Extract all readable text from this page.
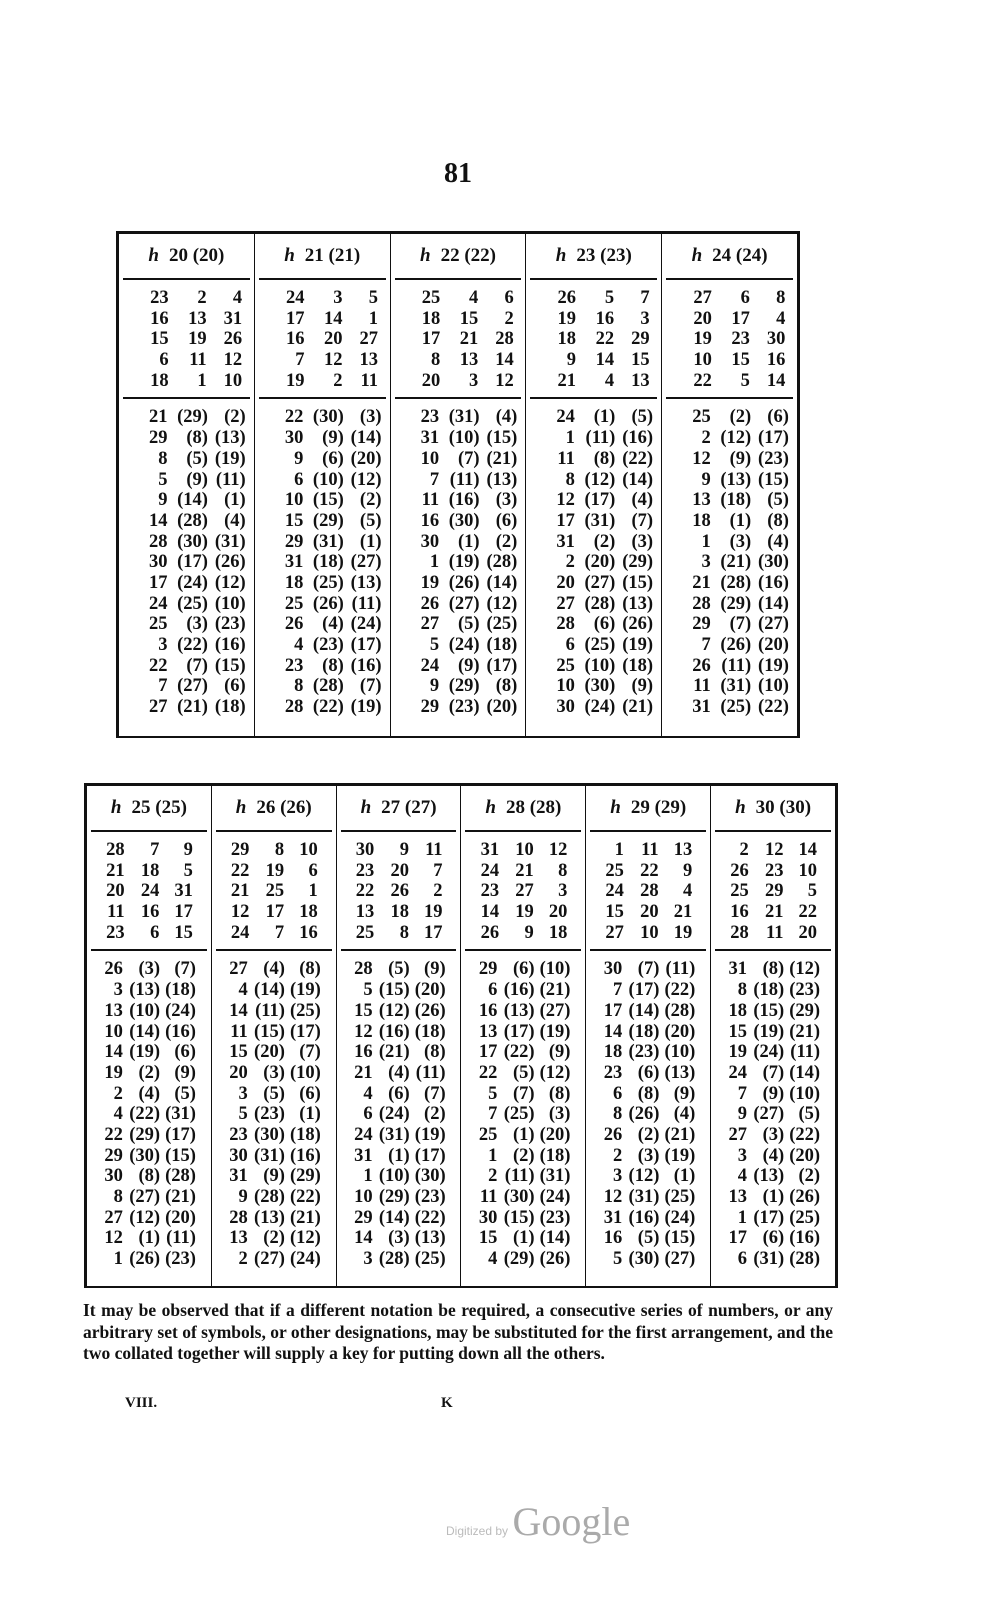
81
h 20 (20)
23	2	4
16	13 31
15	19 26
6	11 12
18	1 10
21 (29) (2)
29	(8) (13)
8	(5) (19)
5	(9) (11)
9 (14) (1)
14 (28) (4)
28 (30) (31)
30 (17) (26)
17 (24) (12)
24 (25) (10)
25	(3) (23)
3 (22) (16)
22	(7) (15)
7 (27) (6)
27 (21) (18)
h 21 (21)
24	3	5
17	14	1
16	20 27
7	12 13
19	2 11
22 (30) (3)
30	(9) (14)
9	(6) (20)
6 (10) (12)
10 (15) (2)
15 (29) (5)
29 (31) (1)
31 (18) (27)
18 (25) (13)
25 (26) (11)
26	(4) (24)
4 (23) (17)
23	(8) (16)
8 (28) (7)
28 (22) (19)
h 22 (22)
25	4	6
18	15	2
17	21 28
8	13 14
20	3 12
23 (31) (4)
31 (10) (15)
10	(7) (21)
7 (11) (13)
11 (16) (3)
16 (30) (6)
30	(1) (2)
1 (19) (28)
19 (26) (14)
26 (27) (12)
27	(5) (25)
5 (24) (18)
24	(9) (17)
9 (29) (8)
29 (23) (20)
h 23 (23)
26	5	7
19	16	3
18	22 29
9	14 15
21	4 13
24	(1) (5)
1 (11) (16)
11	(8) (22)
8 (12) (14)
12 (17) (4)
17 (31) (7)
31	(2) (3)
2 (20) (29)
20 (27) (15)
27 (28) (13)
28	(6) (26)
6 (25) (19)
25 (10) (18)
10 (30) (9)
30 (24) (21)
h 24 (24)
27	6	8
20	17	4
19	23 30
10	15 16
22	5 14
25	(2) (6)
2 (12) (17)
12	(9) (23)
9 (13) (15)
13 (18) (5)
18	(1) (8)
1	(3) (4)
3 (21) (30)
21 (28) (16)
28 (29) (14)
29	(7) (27)
7 (26) (20)
26 (11) (19)
11 (31) (10)
31 (25) (22)
h 25 (25)
28	7	9
21 18	5
20 24 31
11 16 17
23	6 15
26 (3) (7)
3 (13) (18)
13 (10) (24)
10 (14) (16)
14 (19) (6)
19 (2) (9)
2 (4) (5)
4 (22) (31)
22 (29) (17)
29 (30) (15)
30 (8) (28)
8 (27) (21)
27 (12) (20)
12 (1) (11)
1 (26) (23)
h 26 (26)
29	8 10
22 19	6
21 25	1
12 17 18
24	7 16
27 (4) (8)
4 (14) (19)
14 (11) (25)
11 (15) (17)
15 (20) (7)
20 (3) (10)
3 (5) (6)
5 (23) (1)
23 (30) (18)
30 (31) (16)
31 (9) (29)
9 (28) (22)
28 (13) (21)
13 (2) (12)
2 (27) (24)
h 27 (27)
30	9 11
23 20	7
22 26	2
13 18 19
25	8 17
28 (5) (9)
5 (15) (20)
15 (12) (26)
12 (16) (18)
16 (21) (8)
21 (4) (11)
4 (6) (7)
6 (24) (2)
24 (31) (19)
31 (1) (17)
1 (10) (30)
10 (29) (23)
29 (14) (22)
14 (3) (13)
3 (28) (25)
h 28 (28)
31 10 12
24 21	8
23 27	3
14 19 20
26	9 18
29 (6) (10)
6 (16) (21)
16 (13) (27)
13 (17) (19)
17 (22) (9)
22 (5) (12)
5 (7) (8)
7 (25) (3)
25 (1) (20)
1 (2) (18)
2 (11) (31)
11 (30) (24)
30 (15) (23)
15 (1) (14)
4 (29) (26)
h 29 (29)
1 11 13
25 22	9
24 28	4
15 20 21
27 10 19
30 (7) (11)
7 (17) (22)
17 (14) (28)
14 (18) (20)
18 (23) (10)
23 (6) (13)
6 (8) (9)
8 (26) (4)
26 (2) (21)
2 (3) (19)
3 (12) (1)
12 (31) (25)
31 (16) (24)
16 (5) (15)
5 (30) (27)
h 30 (30)
2 12 14
26 23 10
25 29	5
16 21 22
28 11 20
31 (8) (12)
8 (18) (23)
18 (15) (29)
15 (19) (21)
19 (24) (11)
24 (7) (14)
7 (9) (10)
9 (27) (5)
27 (3) (22)
3 (4) (20)
4 (13) (2)
13 (1) (26)
1 (17) (25)
17 (6) (16)
6 (31) (28)
It may be observed that if a different notation be required, a consecutive series of numbers, or any arbitrary set of symbols, or other designations, may be substituted for the first arrangement, and the two collated together will supply a key for putting down all the others.
VIII.	K
Digitized by Google
